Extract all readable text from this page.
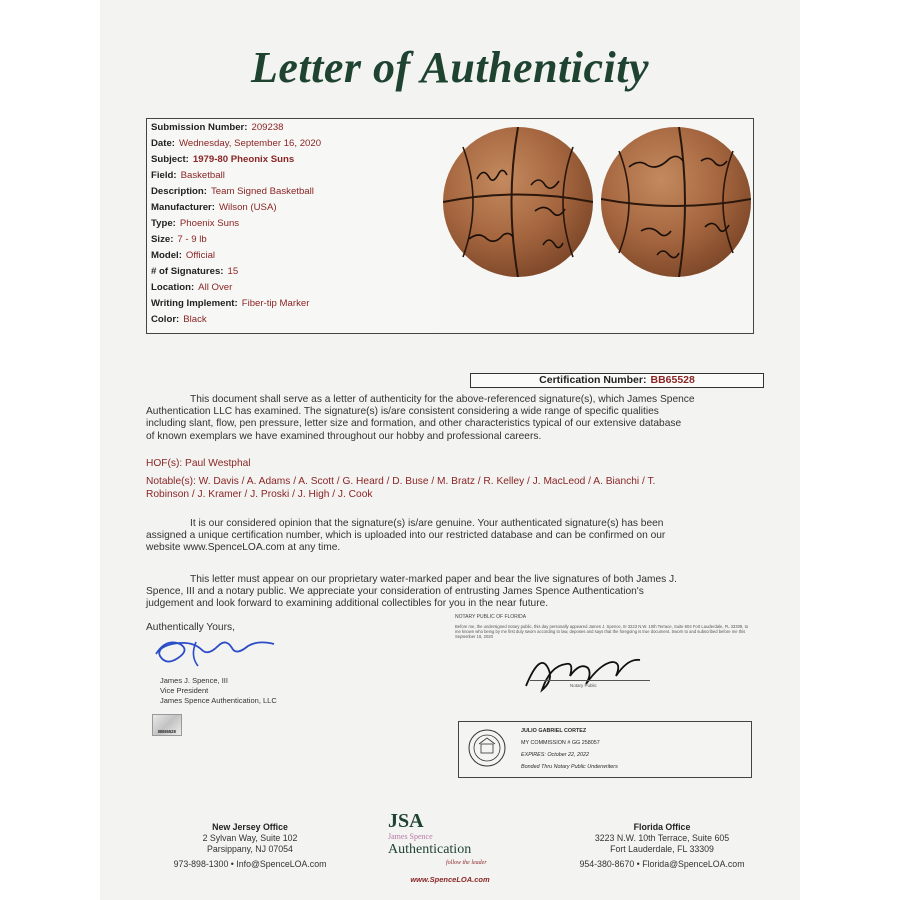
Letter of Authenticity
Submission Number: 209238
Date: Wednesday, September 16, 2020
Subject: 1979-80 Pheonix Suns
Field: Basketball
Description: Team Signed Basketball
Manufacturer: Wilson (USA)
Type: Phoenix Suns
Size: 7 - 9 lb
Model: Official
# of Signatures: 15
Location: All Over
Writing Implement: Fiber-tip Marker
Color: Black
Certification Number: BB65528
This document shall serve as a letter of authenticity for the above-referenced signature(s), which James Spence
Authentication LLC has examined. The signature(s) is/are consistent considering a wide range of specific qualities
including slant, flow, pen pressure, letter size and formation, and other characteristics typical of our extensive database
of known exemplars we have examined throughout our hobby and professional careers.
HOF(s): Paul Westphal
Notable(s): W. Davis / A. Adams / A. Scott / G. Heard / D. Buse / M. Bratz / R. Kelley / J. MacLeod / A. Bianchi / T.
Robinson / J. Kramer / J. Proski / J. High / J. Cook
It is our considered opinion that the signature(s) is/are genuine. Your authenticated signature(s) has been
assigned a unique certification number, which is uploaded into our restricted database and can be confirmed on our
website www.SpenceLOA.com at any time.
This letter must appear on our proprietary water-marked paper and bear the live signatures of both James J.
Spence, III and a notary public. We appreciate your consideration of entrusting James Spence Authentication's
judgement and look forward to examining additional collectibles for you in the near future.
Authentically Yours,
James J. Spence, III
Vice President
James Spence Authentication, LLC
BB65528
NOTARY PUBLIC OF FLORIDA
Before me, the undersigned notary public, this day personally appeared James J. Spence, III 3223 N.W. 10th Terrace, Suite 604 Fort Lauderdale, FL 33309, to me known who being by me first duly sworn according to law, deposes and says that the foregoing is true document. Sworn to and subscribed before me this September 16, 2020
Notary Public
JULIO GABRIEL CORTEZ
MY COMMISSION # GG 258057
EXPIRES: October 22, 2022
Bonded Thru Notary Public Underwriters
New Jersey Office
2 Sylvan Way, Suite 102
Parsippany, NJ 07054
973-898-1300 • Info@SpenceLOA.com
JSA
James Spence
Authentication
follow the leader
www.SpenceLOA.com
Florida Office
3223 N.W. 10th Terrace, Suite 605
Fort Lauderdale, FL 33309
954-380-8670 • Florida@SpenceLOA.com
